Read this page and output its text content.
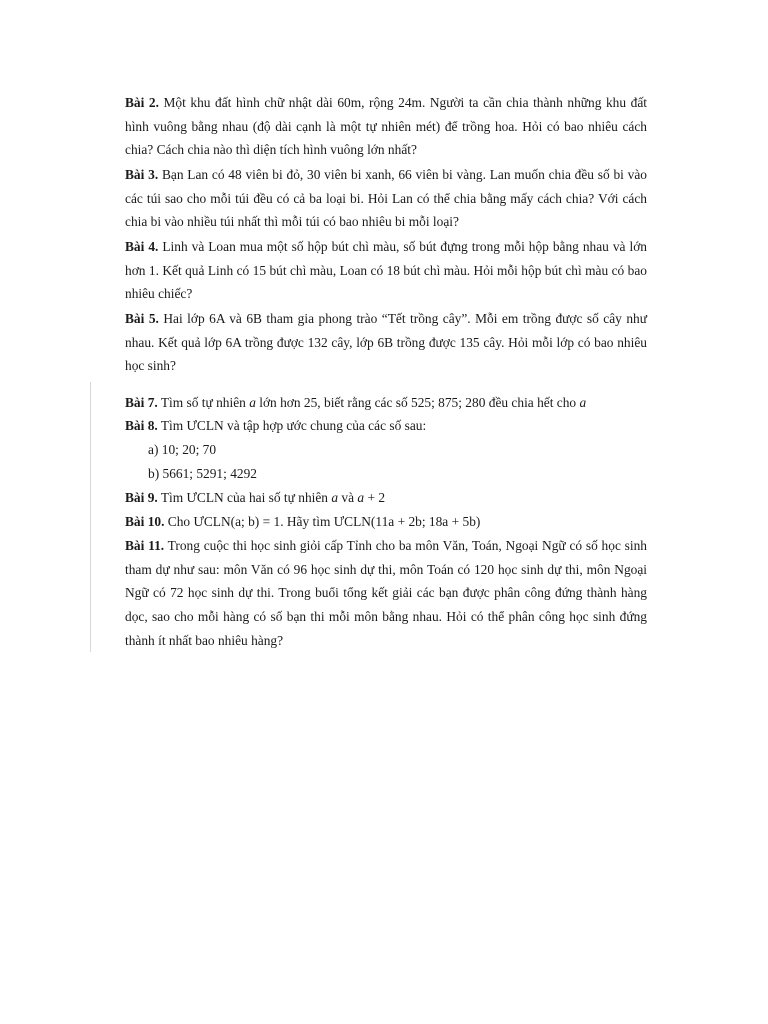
Bài 2. Một khu đất hình chữ nhật dài 60m, rộng 24m. Người ta cần chia thành những khu đất hình vuông bằng nhau (độ dài cạnh là một tự nhiên mét) để trồng hoa. Hỏi có bao nhiêu cách chia? Cách chia nào thì diện tích hình vuông lớn nhất?

Bài 3. Bạn Lan có 48 viên bi đỏ, 30 viên bi xanh, 66 viên bi vàng. Lan muốn chia đều số bi vào các túi sao cho mỗi túi đều có cả ba loại bi. Hỏi Lan có thể chia bằng mấy cách chia? Với cách chia bi vào nhiều túi nhất thì mỗi túi có bao nhiêu bi mỗi loại?

Bài 4. Linh và Loan mua một số hộp bút chì màu, số bút đựng trong mỗi hộp bằng nhau và lớn hơn 1. Kết quả Linh có 15 bút chì màu, Loan có 18 bút chì màu. Hỏi mỗi hộp bút chì màu có bao nhiêu chiếc?

Bài 5. Hai lớp 6A và 6B tham gia phong trào “Tết trồng cây”. Mỗi em trồng được số cây như nhau. Kết quả lớp 6A trồng được 132 cây, lớp 6B trồng được 135 cây. Hỏi mỗi lớp có bao nhiêu học sinh?

Bài 7. Tìm số tự nhiên a lớn hơn 25, biết rằng các số 525; 875; 280 đều chia hết cho a

Bài 8. Tìm ƯCLN và tập hợp ước chung của các số sau:

a) 10; 20; 70

b) 5661; 5291; 4292

Bài 9. Tìm ƯCLN của hai số tự nhiên a và a + 2

Bài 10. Cho ƯCLN(a; b) = 1. Hãy tìm ƯCLN(11a + 2b; 18a + 5b)

Bài 11. Trong cuộc thi học sinh giỏi cấp Tỉnh cho ba môn Văn, Toán, Ngoại Ngữ có số học sinh tham dự như sau: môn Văn có 96 học sinh dự thi, môn Toán có 120 học sinh dự thi, môn Ngoại Ngữ có 72 học sinh dự thi. Trong buổi tổng kết giải các bạn được phân công đứng thành hàng dọc, sao cho mỗi hàng có số bạn thi mỗi môn bằng nhau. Hỏi có thể phân công học sinh đứng thành ít nhất bao nhiêu hàng?
